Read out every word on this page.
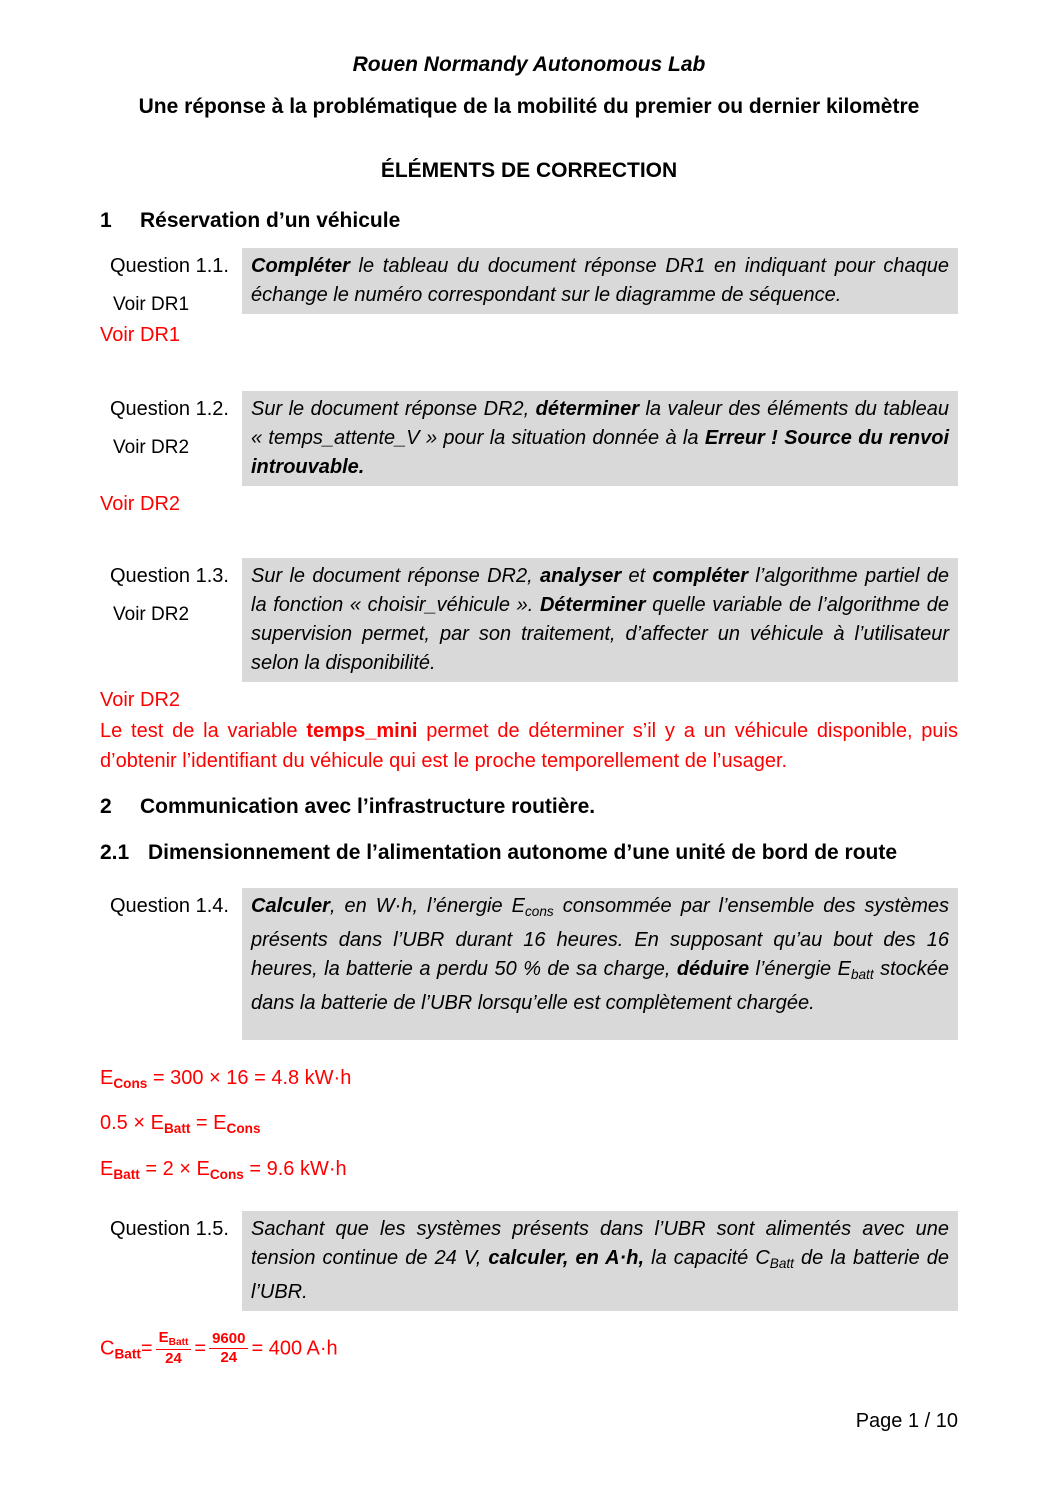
Rouen Normandy Autonomous Lab
Une réponse à la problématique de la mobilité du premier ou dernier kilomètre
ÉLÉMENTS DE CORRECTION
1 Réservation d’un véhicule
Question 1.1.
Voir DR1
Compléter le tableau du document réponse DR1 en indiquant pour chaque échange le numéro correspondant sur le diagramme de séquence.
Voir DR1
Question 1.2.
Voir DR2
Sur le document réponse DR2, déterminer la valeur des éléments du tableau « temps_attente_V » pour la situation donnée à la Erreur ! Source du renvoi introuvable.
Voir DR2
Question 1.3.
Voir DR2
Sur le document réponse DR2, analyser et compléter l’algorithme partiel de la fonction « choisir_véhicule ». Déterminer quelle variable de l’algorithme de supervision permet, par son traitement, d’affecter un véhicule à l’utilisateur selon la disponibilité.
Voir DR2
Le test de la variable temps_mini permet de déterminer s’il y a un véhicule disponible, puis d’obtenir l’identifiant du véhicule qui est le proche temporellement de l’usager.
2 Communication avec l’infrastructure routière.
2.1 Dimensionnement de l’alimentation autonome d’une unité de bord de route
Question 1.4.	Calculer, en W·h, l’énergie Econs consommée par l’ensemble des systèmes présents dans l’UBR durant 16 heures. En supposant qu’au bout des 16 heures, la batterie a perdu 50 % de sa charge, déduire l’énergie Ebatt stockée dans la batterie de l’UBR lorsqu’elle est complètement chargée.
ECons = 300 × 16 = 4.8 kW·h
0.5 × EBatt = ECons
EBatt = 2 × ECons = 9.6 kW·h
Question 1.5.	Sachant que les systèmes présents dans l’UBR sont alimentés avec une tension continue de 24 V, calculer, en A·h, la capacité CBatt de la batterie de l’UBR.
CBatt= $\frac{\text{EBatt}}{24} = \frac{9600}{24} = 400$ A·h
Page 1 / 10
